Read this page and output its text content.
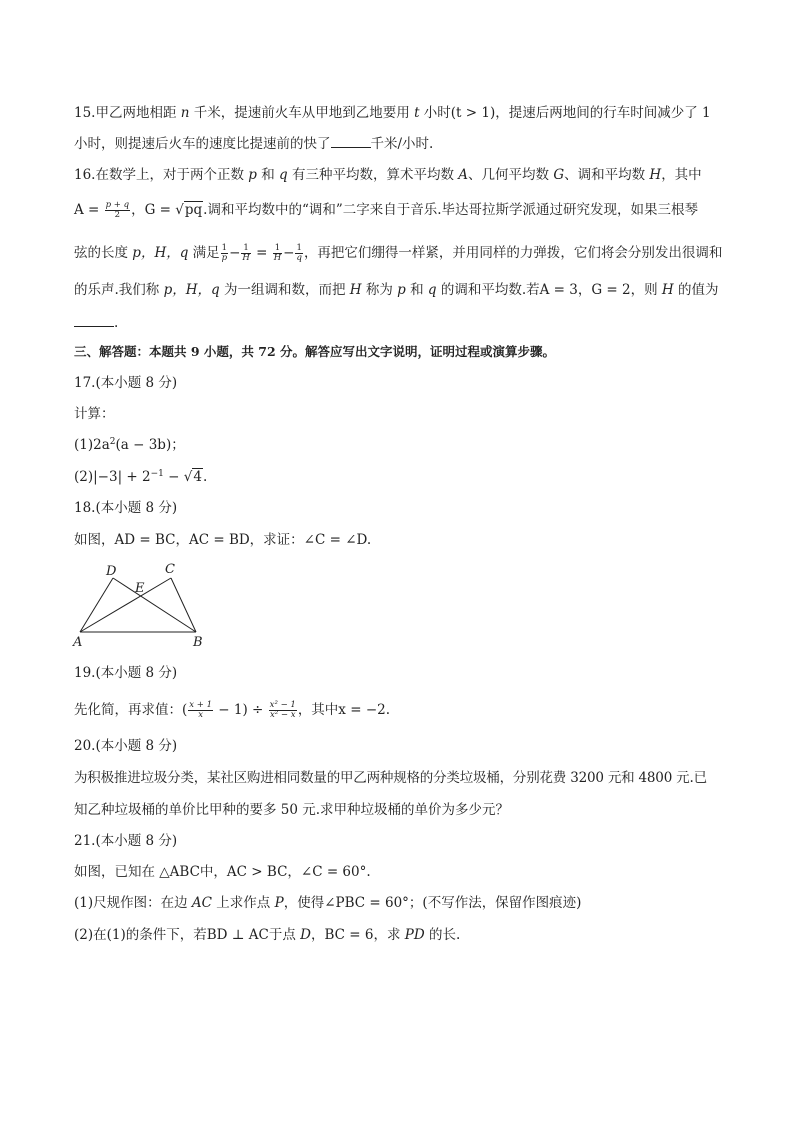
15.甲乙两地相距 n 千米，提速前火车从甲地到乙地要用 t 小时(t > 1)，提速后两地间的行车时间减少了 1
小时，则提速后火车的速度比提速前的快了	千米/小时.
16.在数学上，对于两个正数 p 和 q 有三种平均数，算术平均数 A、几何平均数 G、调和平均数 H，其中
$A = \frac{p + q}{2}$ ，G = √pq.调和平均数中的“调和”二字来自于音乐.毕达哥拉斯学派通过研究发现，如果三根琴
弦的长度 p，H，q 满足 $\frac{1}{p} - \frac{1}{H} = \frac{1}{H} - \frac{1}{q}$ ，再把它们绷得一样紧，并用同样的力弹拨，它们将会分别发出很调和
的乐声.我们称 p，H，q 为一组调和数，而把 H 称为 p 和 q 的调和平均数.若A = 3，G = 2，则 H 的值为
.
三、解答题：本题共 9 小题，共 72 分。解答应写出文字说明，证明过程或演算步骤。
17.(本小题 8 分)
计算：
$(1)2a^2(a - 3b)$；
$(2)|-3| + 2^{-1} - √4$.
18.(本小题 8 分)
如图，AD = BC，AC = BD，求证：∠C = ∠D.
D	C
E
A	B
19.(本小题 8 分)
先化简，再求值：( $\frac{x + 1}{x} - 1) \div \frac{\text{x² − 1}}{\text{x² − x}}$ ，其中x = −2.
20.(本小题 8 分)
为积极推进垃圾分类，某社区购进相同数量的甲乙两种规格的分类垃圾桶，分别花费 3200 元和 4800 元.已
知乙种垃圾桶的单价比甲种的要多 50 元.求甲种垃圾桶的单价为多少元？
21.(本小题 8 分)
如图，已知在 △ABC中，AC > BC，∠C = 60°.
(1)尺规作图：在边 AC 上求作点 P，使得∠PBC = 60°；(不写作法，保留作图痕迹)
(2)在(1)的条件下，若BD ⊥ AC于点 D，BC = 6，求 PD 的长.
